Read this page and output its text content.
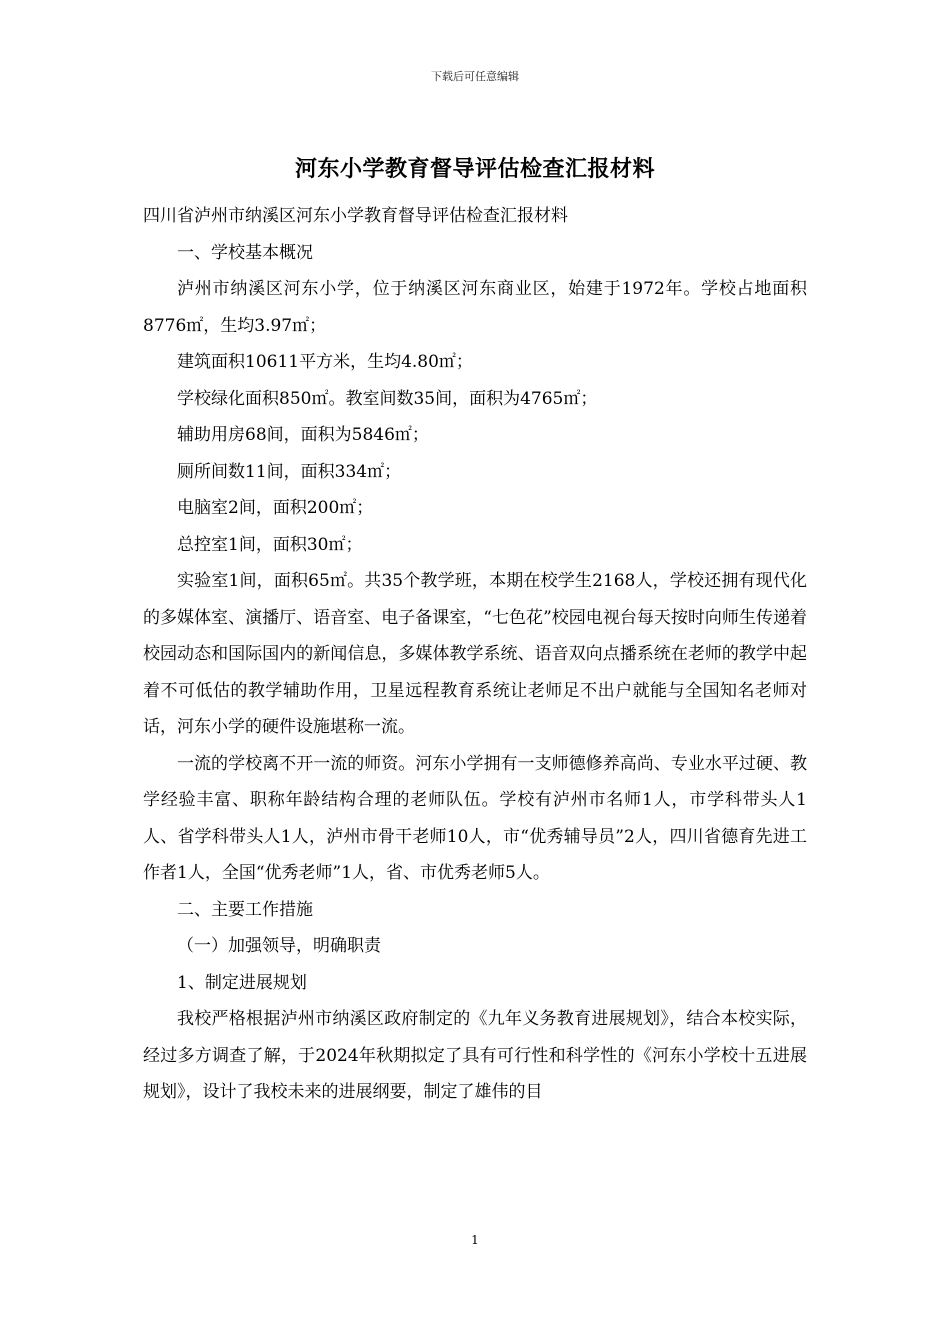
下载后可任意编辑
河东小学教育督导评估检查汇报材料

四川省泸州市纳溪区河东小学教育督导评估检查汇报材料

一、学校基本概况

泸州市纳溪区河东小学，位于纳溪区河东商业区，始建于1972年。学校占地面积8776㎡，生均3.97㎡；

建筑面积10611平方米，生均4.80㎡；

学校绿化面积850㎡。教室间数35间，面积为4765㎡；

辅助用房68间，面积为5846㎡；

厕所间数11间，面积334㎡；

电脑室2间，面积200㎡；

总控室1间，面积30㎡；

实验室1间，面积65㎡。共35个教学班，本期在校学生2168人，学校还拥有现代化的多媒体室、演播厅、语音室、电子备课室，“七色花”校园电视台每天按时向师生传递着校园动态和国际国内的新闻信息，多媒体教学系统、语音双向点播系统在老师的教学中起着不可低估的教学辅助作用，卫星远程教育系统让老师足不出户就能与全国知名老师对话，河东小学的硬件设施堪称一流。

一流的学校离不开一流的师资。河东小学拥有一支师德修养高尚、专业水平过硬、教学经验丰富、职称年龄结构合理的老师队伍。学校有泸州市名师1人，市学科带头人1人、省学科带头人1人，泸州市骨干老师10人，市“优秀辅导员”2人，四川省德育先进工作者1人，全国“优秀老师”1人，省、市优秀老师5人。

二、主要工作措施

（一）加强领导，明确职责

1、制定进展规划

我校严格根据泸州市纳溪区政府制定的《九年义务教育进展规划》，结合本校实际，经过多方调查了解，于2024年秋期拟定了具有可行性和科学性的《河东小学校十五进展规划》，设计了我校未来的进展纲要，制定了雄伟的目

1
